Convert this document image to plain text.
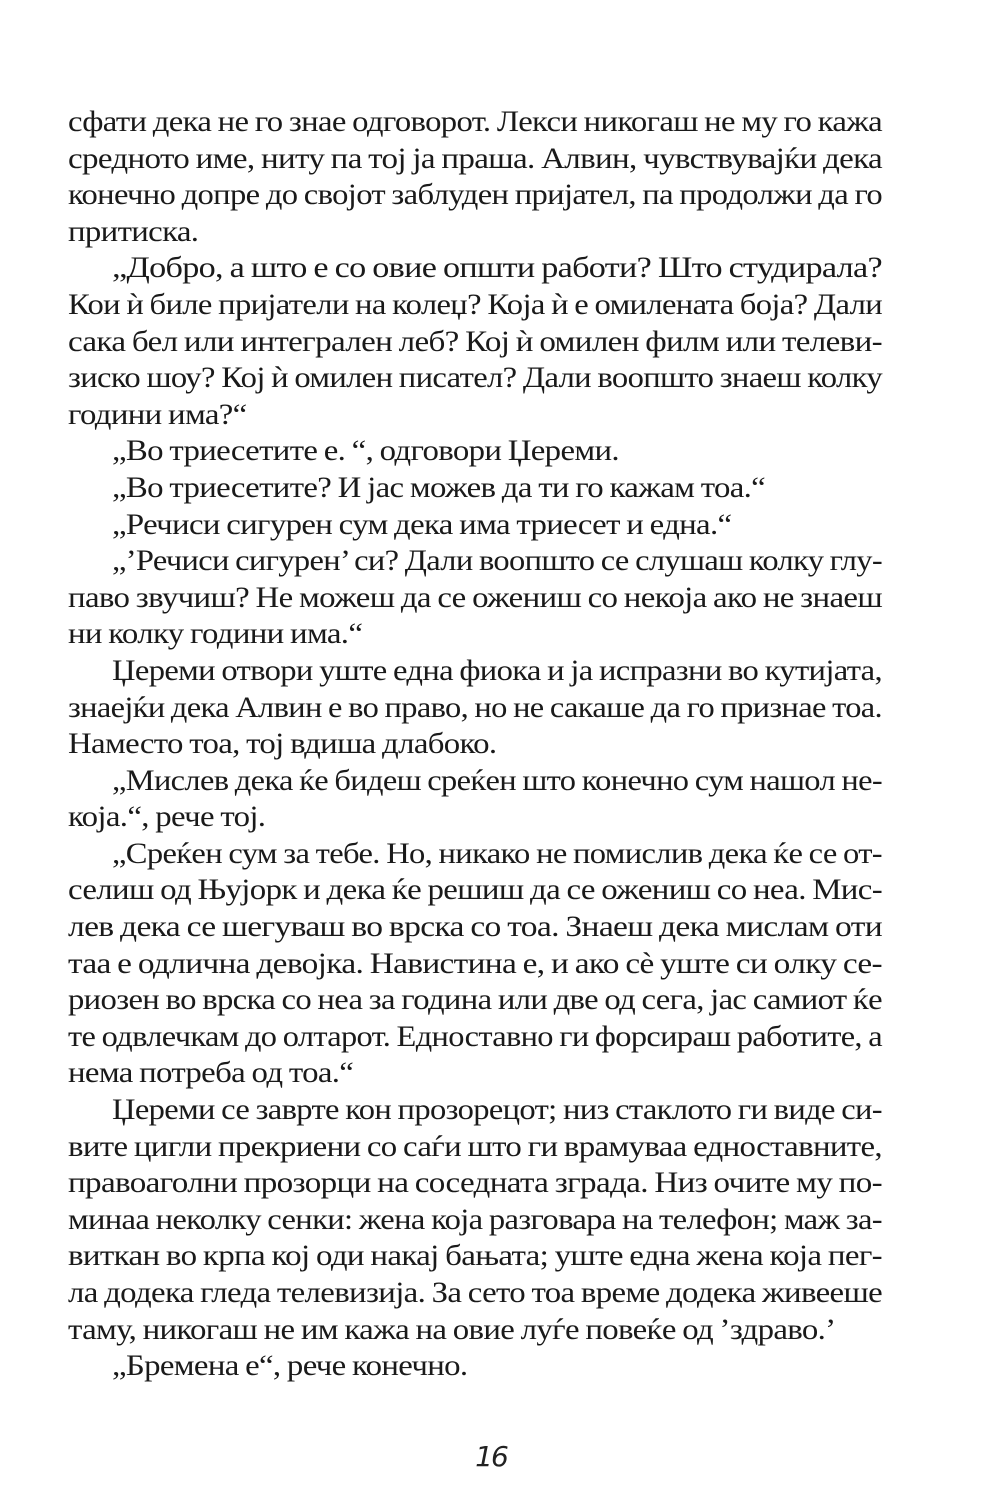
сфати дека не го знае одговорот. Лекси никогаш не му го кажа
средното име, ниту па тој ја праша. Алвин, чувствувајќи дека
конечно допре до својот заблуден пријател, па продолжи да го
притиска.
„Добро, а што е со овие општи работи? Што студирала?
Кои ѝ биле пријатели на колеџ? Која ѝ е омилената боја? Дали
сака бел или интегрален леб? Кој ѝ омилен филм или телеви-
зиско шоу? Кој ѝ омилен писател? Дали воопшто знаеш колку
години има?“
„Во триесетите е. “, одговори Џереми.
„Во триесетите? И јас можев да ти го кажам тоа.“
„Речиси сигурен сум дека има триесет и една.“
„’Речиси сигурен’ си? Дали воопшто се слушаш колку глу-
паво звучиш? Не можеш да се ожениш со некоја ако не знаеш
ни колку години има.“
Џереми отвори уште една фиока и ја испразни во кутијата,
знаејќи дека Алвин е во право, но не сакаше да го признае тоа.
Наместо тоа, тој вдиша длабоко.
„Мислев дека ќе бидеш среќен што конечно сум нашол не-
која.“, рече тој.
„Среќен сум за тебе. Но, никако не помислив дека ќе се от-
селиш од Њујорк и дека ќе решиш да се ожениш со неа. Мис-
лев дека се шегуваш во врска со тоа. Знаеш дека мислам оти
таа е одлична девојка. Навистина е, и ако сѐ уште си олку се-
риозен во врска со неа за година или две од сега, јас самиот ќе
те одвлечкам до олтарот. Едноставно ги форсираш работите, а
нема потреба од тоа.“
Џереми се заврте кон прозорецот; низ стаклото ги виде си-
вите цигли прекриени со саѓи што ги врамуваа едноставните,
правоаголни прозорци на соседната зграда. Низ очите му по-
минаа неколку сенки: жена која разговара на телефон; маж за-
виткан во крпа кој оди накај бањата; уште една жена која пег-
ла додека гледа телевизија. За сето тоа време додека живееше
таму, никогаш не им кажа на овие луѓе повеќе од ’здраво.’
„Бремена е“, рече конечно.
16
